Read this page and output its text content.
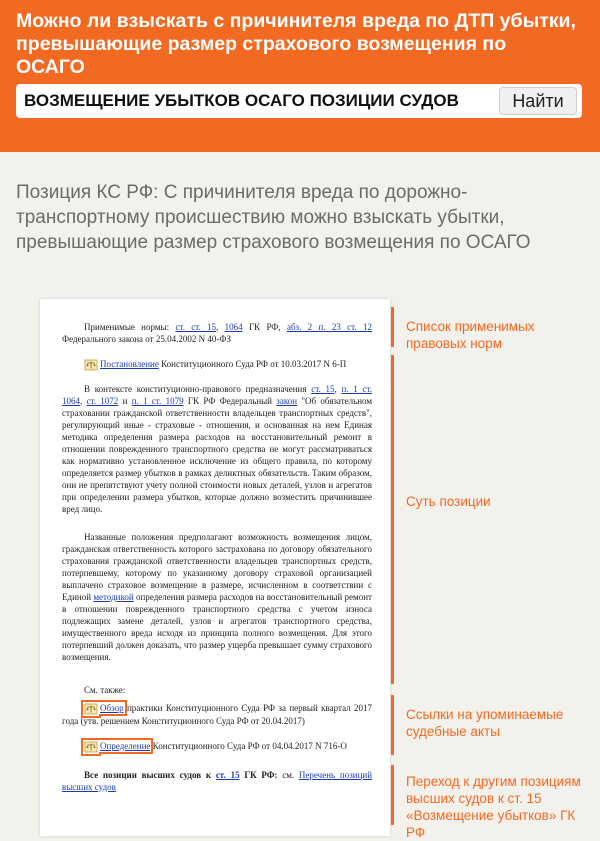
Можно ли взыскать с причинителя вреда по ДТП убытки, превышающие размер страхового возмещения по ОСАГО
ВОЗМЕЩЕНИЕ УБЫТКОВ ОСАГО ПОЗИЦИИ СУДОВ
Найти
Позиция КС РФ: С причинителя вреда по дорожно-транспортному происшествию можно взыскать убытки, превышающие размер страхового возмещения по ОСАГО
Применимые нормы: ст. ст. 15, 1064 ГК РФ, абз. 2 п. 23 ст. 12 Федерального закона от 25.04.2002 N 40-ФЗ
Постановление Конституционного Суда РФ от 10.03.2017 N 6-П
В контексте конституционно-правового предназначения ст. 15, п. 1 ст. 1064, ст. 1072 и п. 1 ст. 1079 ГК РФ Федеральный закон "Об обязательном страховании гражданской ответственности владельцев транспортных средств", регулирующий иные - страховые - отношения, и основанная на нем Единая методика определения размера расходов на восстановительный ремонт в отношении поврежденного транспортного средства не могут рассматриваться как нормативно установленное исключение из общего правила, по которому определяется размер убытков в рамках деликтных обязательств. Таким образом, они не препятствуют учету полной стоимости новых деталей, узлов и агрегатов при определении размера убытков, которые должно возместить причинившее вред лицо.
Названные положения предполагают возможность возмещения лицом, гражданская ответственность которого застрахована по договору обязательного страхования гражданской ответственности владельцев транспортных средств, потерпевшему, которому по указанному договору страховой организацией выплачено страховое возмещение в размере, исчисленном в соответствии с Единой методикой определения размера расходов на восстановительный ремонт в отношении поврежденного транспортного средства с учетом износа подлежащих замене деталей, узлов и агрегатов транспортного средства, имущественного вреда исходя из принципа полного возмещения. Для этого потерпевший должен доказать, что размер ущерба превышает сумму страхового возмещения.
См. также:
Обзор практики Конституционного Суда РФ за первый квартал 2017 года (утв. решением Конституционного Суда РФ от 20.04.2017)
Определение Конституционного Суда РФ от 04.04.2017 N 716-О
Все позиции высших судов к ст. 15 ГК РФ: см. Перечень позиций высших судов
Список применимых правовых норм
Суть позиции
Ссылки на упоминаемые судебные акты
Переход к другим позициям высших судов к ст. 15 «Возмещение убытков» ГК РФ
